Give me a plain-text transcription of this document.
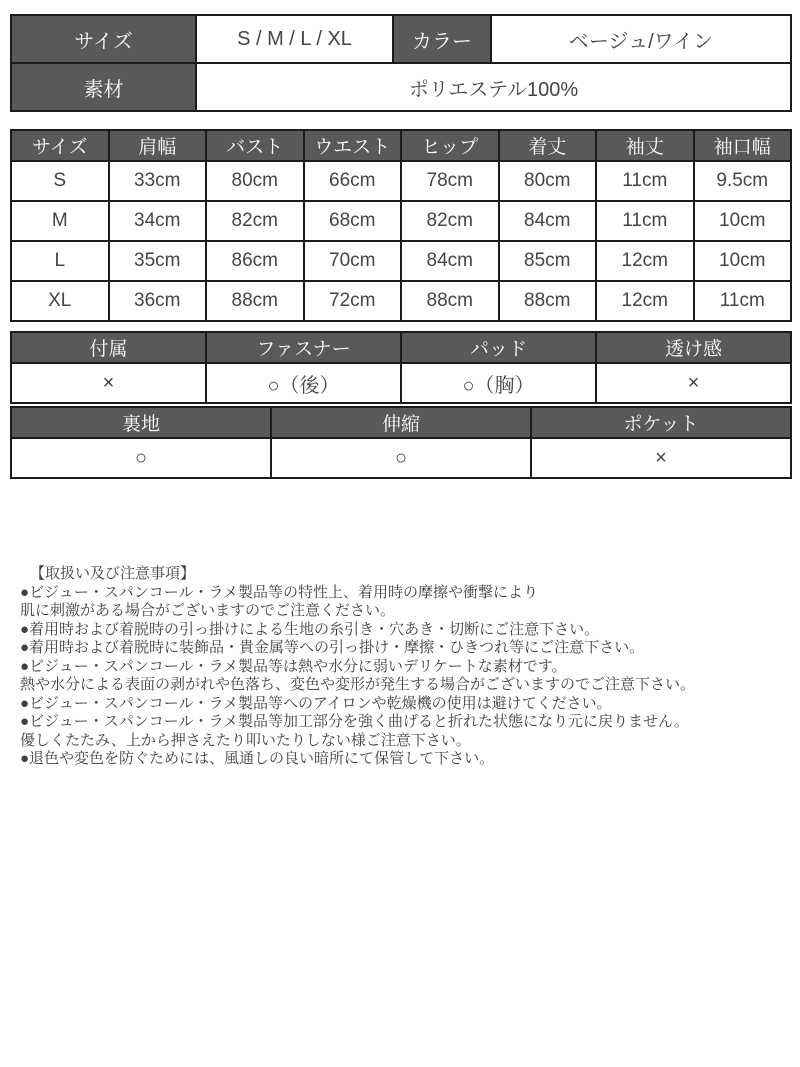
サイズ	S / M / L / XL	カラー	ベージュ/ワイン
素材	ポリエステル100%		
サイズ	肩幅	バスト	ウエスト	ヒップ	着丈	袖丈	袖口幅
S	33cm	80cm	66cm	78cm	80cm	11cm	9.5cm
M	34cm	82cm	68cm	82cm	84cm	11cm	10cm
L	35cm	86cm	70cm	84cm	85cm	12cm	10cm
XL	36cm	88cm	72cm	88cm	88cm	12cm	11cm
付属	ファスナー	パッド	透け感
×	○（後）	○（胸）	×
裏地	伸縮	ポケット
○	○	×
【取扱い及び注意事項】
●ビジュー・スパンコール・ラメ製品等の特性上、着用時の摩擦や衝撃により
肌に刺激がある場合がございますのでご注意ください。
●着用時および着脱時の引っ掛けによる生地の糸引き・穴あき・切断にご注意下さい。
●着用時および着脱時に装飾品・貴金属等への引っ掛け・摩擦・ひきつれ等にご注意下さい。
●ビジュー・スパンコール・ラメ製品等は熱や水分に弱いデリケートな素材です。
熱や水分による表面の剥がれや色落ち、変色や変形が発生する場合がございますのでご注意下さい。
●ビジュー・スパンコール・ラメ製品等へのアイロンや乾燥機の使用は避けてください。
●ビジュー・スパンコール・ラメ製品等加工部分を強く曲げると折れた状態になり元に戻りません。
優しくたたみ、上から押さえたり叩いたりしない様ご注意下さい。
●退色や変色を防ぐためには、風通しの良い暗所にて保管して下さい。
